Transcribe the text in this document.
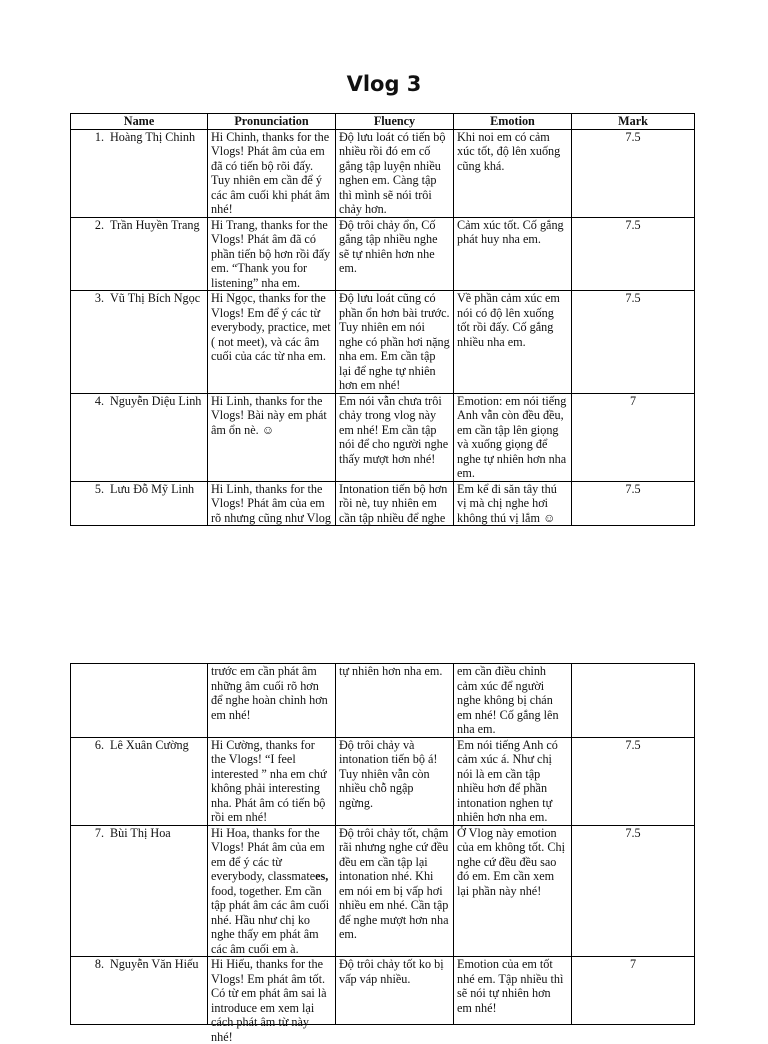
Vlog 3
Name	Pronunciation	Fluency	Emotion	Mark
1. Hoàng Thị Chinh	Hi Chinh, thanks for the Vlogs! Phát âm của em đã có tiến bộ rõi đấy. Tuy nhiên em cần để ý các âm cuối khi phát âm nhé!	Độ lưu loát có tiến bộ nhiều rồi đó em cố gắng tập luyện nhiều nghen em. Càng tập thì mình sẽ nói trôi chảy hơn.	Khi noi em có cảm xúc tốt, độ lên xuống cũng khá.	7.5
2. Trần Huyền Trang	Hi Trang, thanks for the Vlogs! Phát âm đã có phần tiến bộ hơn rồi đấy em. “Thank you for listening” nha em.	Độ trôi chảy ổn, Cố gắng tập nhiều nghe sẽ tự nhiên hơn nhe em.	Cảm xúc tốt. Cố gắng phát huy nha em.	7.5
3. Vũ Thị Bích Ngọc	Hi Ngọc, thanks for the Vlogs! Em để ý các từ everybody, practice, met ( not meet), và các âm cuối của các từ nha em.	Độ lưu loát cũng có phần ổn hơn bài trước. Tuy nhiên em nói nghe có phần hơi nặng nha em. Em cần tập lại để nghe tự nhiên hơn em nhé!	Về phần cảm xúc em nói có độ lên xuống tốt rồi đấy. Cố gắng nhiều nha em.	7.5
4. Nguyễn Diệu Linh	Hi Linh, thanks for the Vlogs! Bài này em phát âm ổn nè. ☺	Em nói vẫn chưa trôi chảy trong vlog này em nhé! Em cần tập nói để cho người nghe thấy mượt hơn nhé!	Emotion: em nói tiếng Anh vẫn còn đều đều, em cần tập lên giọng và xuống giọng để nghe tự nhiên hơn nha em.	7
5. Lưu Đỗ Mỹ Linh	Hi Linh, thanks for the Vlogs! Phát âm của em rõ nhưng cũng như Vlog	Intonation tiến bộ hơn rồi nè, tuy nhiên em cần tập nhiều để nghe	Em kể đi săn tây thú vị mà chị nghe hơi không thú vị lắm ☺	7.5
	trước em cần phát âm những âm cuối rõ hơn để nghe hoàn chỉnh hơn em nhé!	tự nhiên hơn nha em.	em cần điều chỉnh cảm xúc để người nghe không bị chán em nhé! Cố gắng lên nha em.	
6. Lê Xuân Cường	Hi Cường, thanks for the Vlogs! “I feel interested ” nha em chứ không phải interesting nha. Phát âm có tiến bộ rồi em nhé!	Độ trôi chảy và intonation tiến bộ á! Tuy nhiên vẫn còn nhiều chỗ ngập ngừng.	Em nói tiếng Anh có cảm xúc á. Như chị nói là em cần tập nhiều hơn để phần intonation nghen tự nhiên hơn nha em.	7.5
7. Bùi Thị Hoa	Hi Hoa, thanks for the Vlogs! Phát âm của em em để ý các từ everybody, classmatees, food, together. Em cần tập phát âm các âm cuối nhé. Hầu như chị ko nghe thấy em phát âm các âm cuối em à.	Độ trôi chảy tốt, chậm rãi nhưng nghe cứ đều đều em cần tập lại intonation nhé. Khi em nói em bị vấp hơi nhiều em nhé. Cần tập để nghe mượt hơn nha em.	Ở Vlog này emotion của em không tốt. Chị nghe cứ đều đều sao đó em. Em cần xem lại phần này nhé!	7.5
8. Nguyễn Văn Hiếu	Hi Hiếu, thanks for the Vlogs! Em phát âm tốt. Có từ em phát âm sai là introduce em xem lại cách phát âm từ này nhé!	Độ trôi chảy tốt ko bị vấp váp nhiều.	Emotion của em tốt nhé em. Tập nhiều thì sẽ nói tự nhiên hơn em nhé!	7
